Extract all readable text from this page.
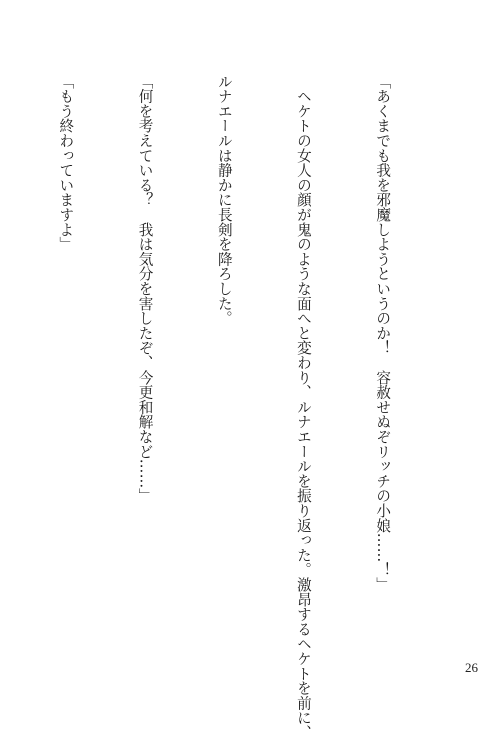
「あくまでも我を邪魔しようというのか！　容赦せぬぞリッチの小娘……！」

　ヘケトの女人の顔が鬼のような面へと変わり、ルナエールを振り返った。激昂するヘケトを前に、

ルナエールは静かに長剣を降ろした。

「何を考えている？　我は気分を害したぞ、今更和解など……」

「もう終わっていますよ」

26
